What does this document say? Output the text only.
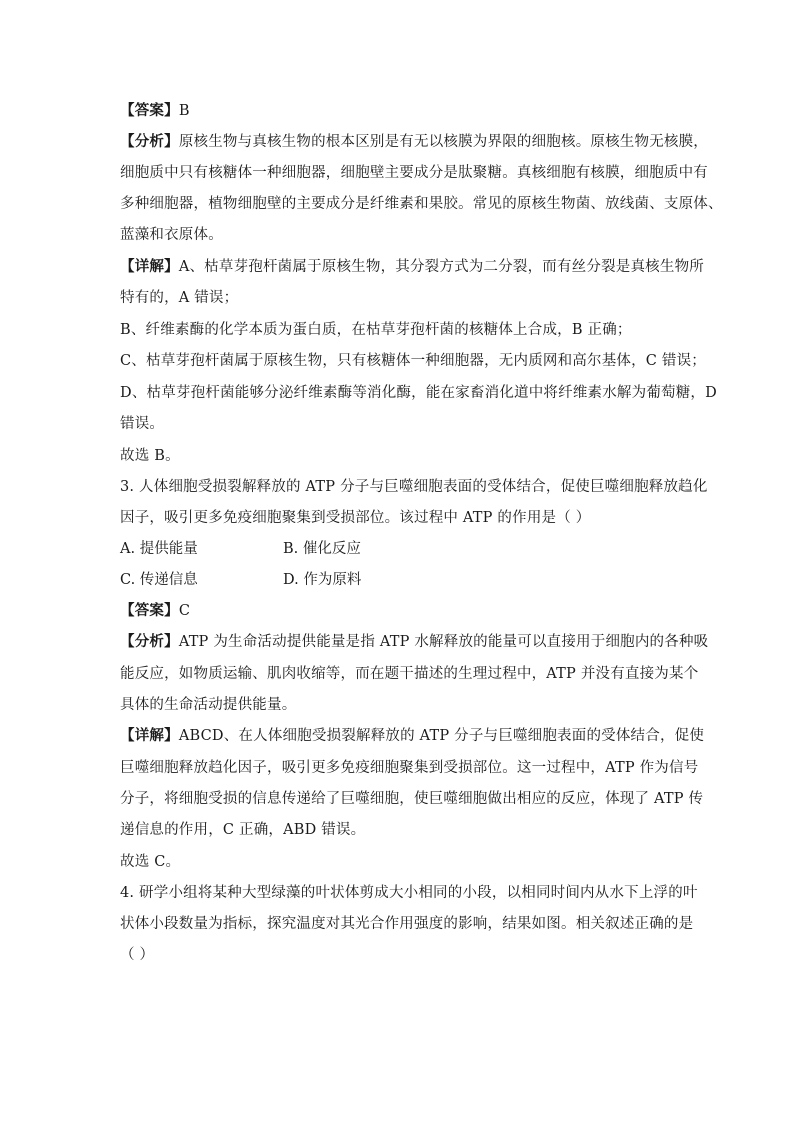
【答案】B
【分析】原核生物与真核生物的根本区别是有无以核膜为界限的细胞核。原核生物无核膜，
细胞质中只有核糖体一种细胞器，细胞壁主要成分是肽聚糖。真核细胞有核膜，细胞质中有
多种细胞器，植物细胞壁的主要成分是纤维素和果胶。常见的原核生物菌、放线菌、支原体、
蓝藻和衣原体。
【详解】A、枯草芽孢杆菌属于原核生物，其分裂方式为二分裂，而有丝分裂是真核生物所
特有的，A 错误；
B、纤维素酶的化学本质为蛋白质，在枯草芽孢杆菌的核糖体上合成，B 正确；
C、枯草芽孢杆菌属于原核生物，只有核糖体一种细胞器，无内质网和高尔基体，C 错误；
D、枯草芽孢杆菌能够分泌纤维素酶等消化酶，能在家畜消化道中将纤维素水解为葡萄糖，D
错误。
故选 B。
3. 人体细胞受损裂解释放的 ATP 分子与巨噬细胞表面的受体结合，促使巨噬细胞释放趋化
因子，吸引更多免疫细胞聚集到受损部位。该过程中 ATP 的作用是（ ）
A. 提供能量	B. 催化反应
C. 传递信息	D. 作为原料
【答案】C
【分析】ATP 为生命活动提供能量是指 ATP 水解释放的能量可以直接用于细胞内的各种吸
能反应，如物质运输、肌肉收缩等，而在题干描述的生理过程中，ATP 并没有直接为某个
具体的生命活动提供能量。
【详解】ABCD、在人体细胞受损裂解释放的 ATP 分子与巨噬细胞表面的受体结合，促使
巨噬细胞释放趋化因子，吸引更多免疫细胞聚集到受损部位。这一过程中，ATP 作为信号
分子，将细胞受损的信息传递给了巨噬细胞，使巨噬细胞做出相应的反应，体现了 ATP 传
递信息的作用，C 正确，ABD 错误。
故选 C。
4. 研学小组将某种大型绿藻的叶状体剪成大小相同的小段，以相同时间内从水下上浮的叶
状体小段数量为指标，探究温度对其光合作用强度的影响，结果如图。相关叙述正确的是
（ ）
